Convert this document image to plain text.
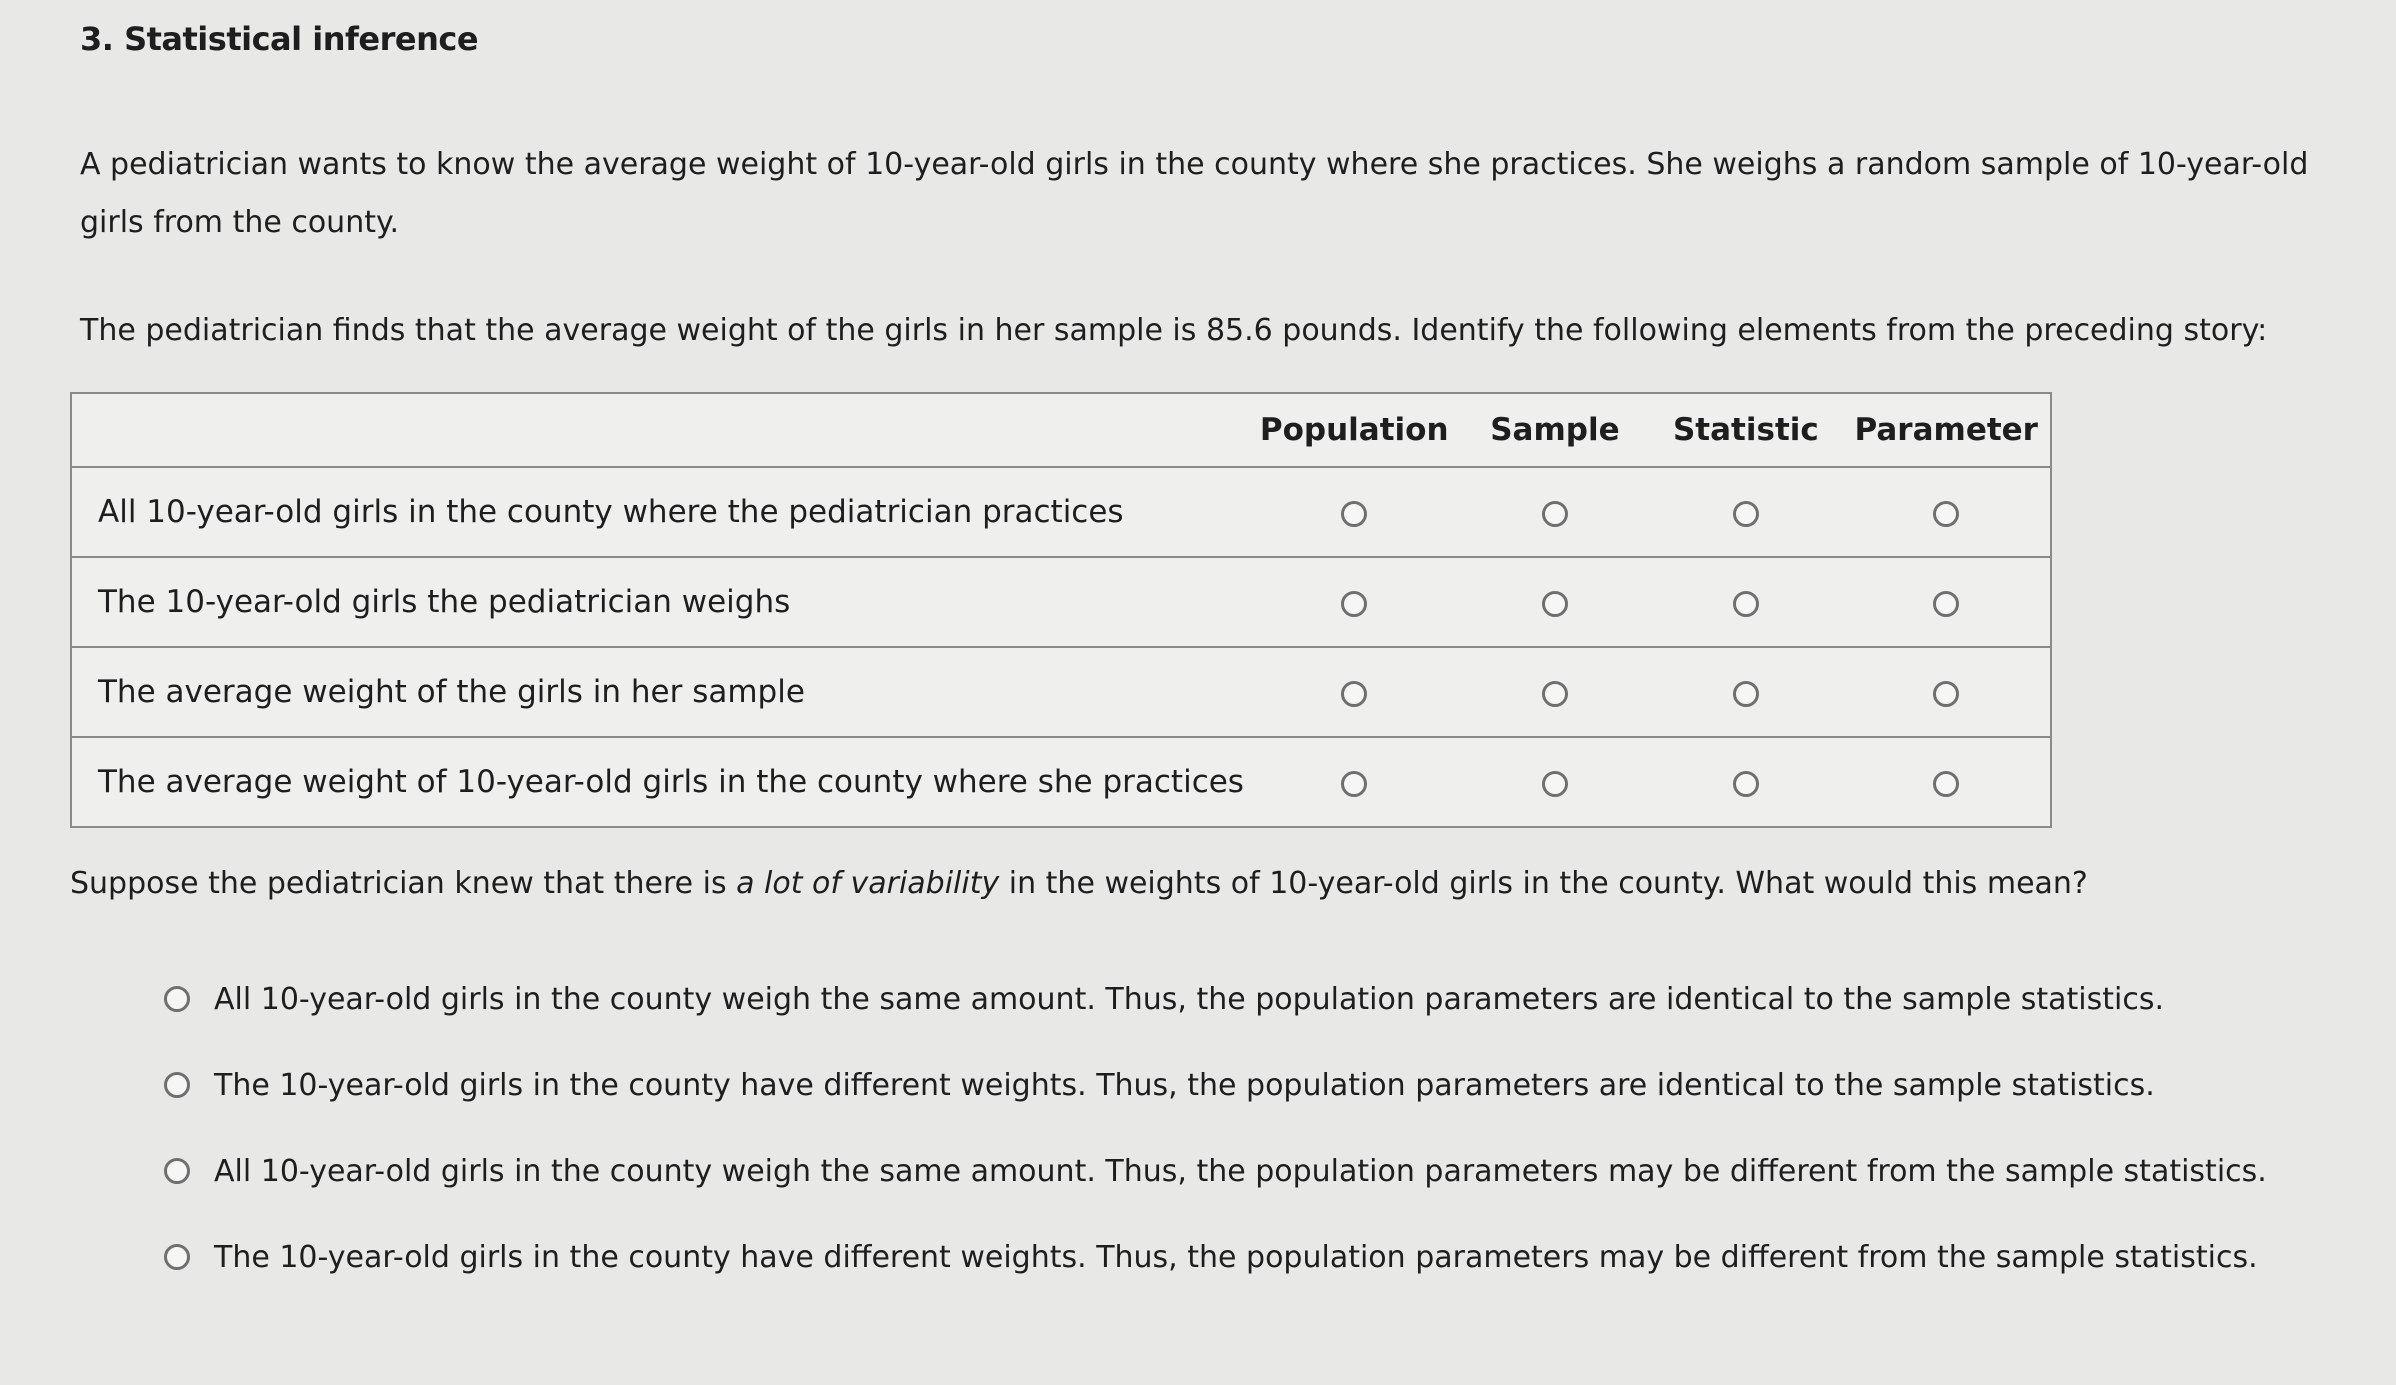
3. Statistical inference

A pediatrician wants to know the average weight of 10-year-old girls in the county where she practices. She weighs a random sample of 10-year-old girls from the county.

The pediatrician finds that the average weight of the girls in her sample is 85.6 pounds. Identify the following elements from the preceding story:

	Population	Sample	Statistic	Parameter
All 10-year-old girls in the county where the pediatrician practices				
The 10-year-old girls the pediatrician weighs				
The average weight of the girls in her sample				
The average weight of 10-year-old girls in the county where she practices				

Suppose the pediatrician knew that there is a lot of variability in the weights of 10-year-old girls in the county. What would this mean?

All 10-year-old girls in the county weigh the same amount. Thus, the population parameters are identical to the sample statistics.
The 10-year-old girls in the county have different weights. Thus, the population parameters are identical to the sample statistics.
All 10-year-old girls in the county weigh the same amount. Thus, the population parameters may be different from the sample statistics.
The 10-year-old girls in the county have different weights. Thus, the population parameters may be different from the sample statistics.
